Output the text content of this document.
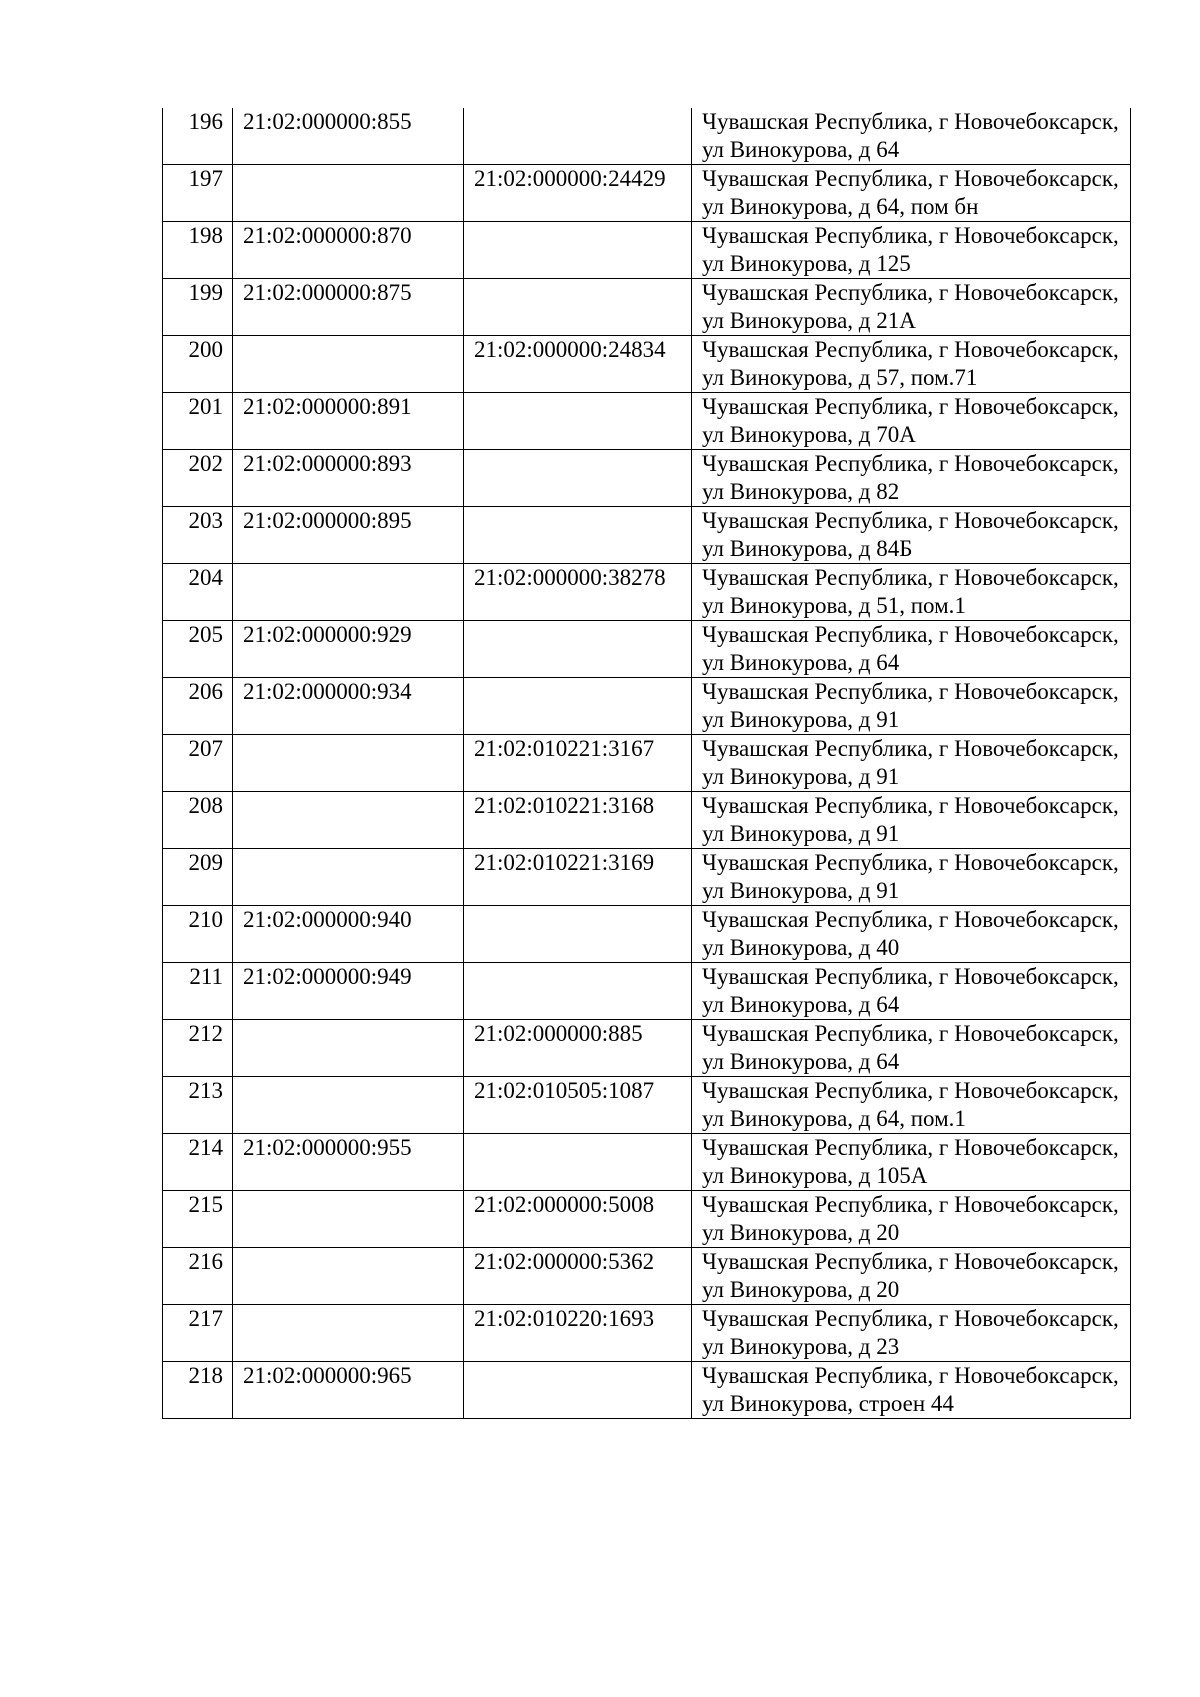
196	21:02:000000:855		Чувашская Республика, г Новочебоксарск, ул Винокурова, д 64
197		21:02:000000:24429	Чувашская Республика, г Новочебоксарск, ул Винокурова, д 64, пом бн
198	21:02:000000:870		Чувашская Республика, г Новочебоксарск, ул Винокурова, д 125
199	21:02:000000:875		Чувашская Республика, г Новочебоксарск, ул Винокурова, д 21А
200		21:02:000000:24834	Чувашская Республика, г Новочебоксарск, ул Винокурова, д 57, пом.71
201	21:02:000000:891		Чувашская Республика, г Новочебоксарск, ул Винокурова, д 70А
202	21:02:000000:893		Чувашская Республика, г Новочебоксарск, ул Винокурова, д 82
203	21:02:000000:895		Чувашская Республика, г Новочебоксарск, ул Винокурова, д 84Б
204		21:02:000000:38278	Чувашская Республика, г Новочебоксарск, ул Винокурова, д 51, пом.1
205	21:02:000000:929		Чувашская Республика, г Новочебоксарск, ул Винокурова, д 64
206	21:02:000000:934		Чувашская Республика, г Новочебоксарск, ул Винокурова, д 91
207		21:02:010221:3167	Чувашская Республика, г Новочебоксарск, ул Винокурова, д 91
208		21:02:010221:3168	Чувашская Республика, г Новочебоксарск, ул Винокурова, д 91
209		21:02:010221:3169	Чувашская Республика, г Новочебоксарск, ул Винокурова, д 91
210	21:02:000000:940		Чувашская Республика, г Новочебоксарск, ул Винокурова, д 40
211	21:02:000000:949		Чувашская Республика, г Новочебоксарск, ул Винокурова, д 64
212		21:02:000000:885	Чувашская Республика, г Новочебоксарск, ул Винокурова, д 64
213		21:02:010505:1087	Чувашская Республика, г Новочебоксарск, ул Винокурова, д 64, пом.1
214	21:02:000000:955		Чувашская Республика, г Новочебоксарск, ул Винокурова, д 105А
215		21:02:000000:5008	Чувашская Республика, г Новочебоксарск, ул Винокурова, д 20
216		21:02:000000:5362	Чувашская Республика, г Новочебоксарск, ул Винокурова, д 20
217		21:02:010220:1693	Чувашская Республика, г Новочебоксарск, ул Винокурова, д 23
218	21:02:000000:965		Чувашская Республика, г Новочебоксарск, ул Винокурова, строен 44
